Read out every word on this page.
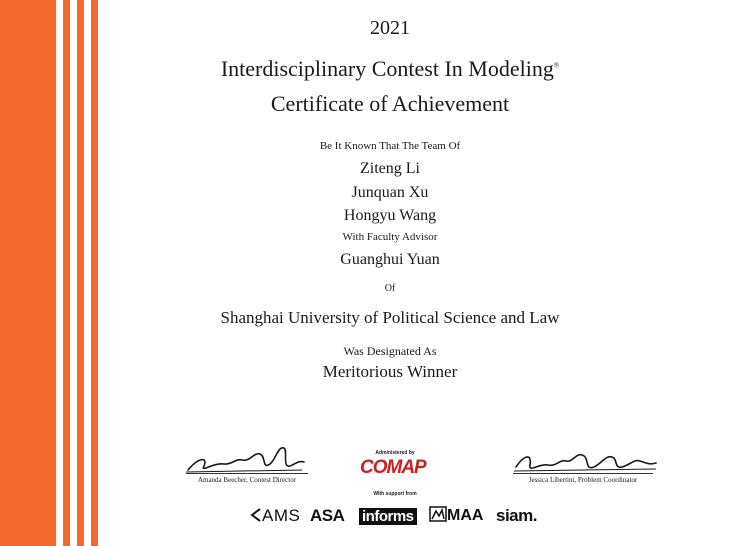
2021
Interdisciplinary Contest In Modeling®
Certificate of Achievement
Be It Known That The Team Of
Ziteng Li
Junquan Xu
Hongyu Wang
With Faculty Advisor
Guanghui Yuan
Of
Shanghai University of Political Science and Law
Was Designated As
Meritorious Winner
Amanda Beecher, Contest Director
Administered by
COMAP
With support from
Jessica Libertini, Problem Coordinator
AMS ASA informs	MAA siam.
